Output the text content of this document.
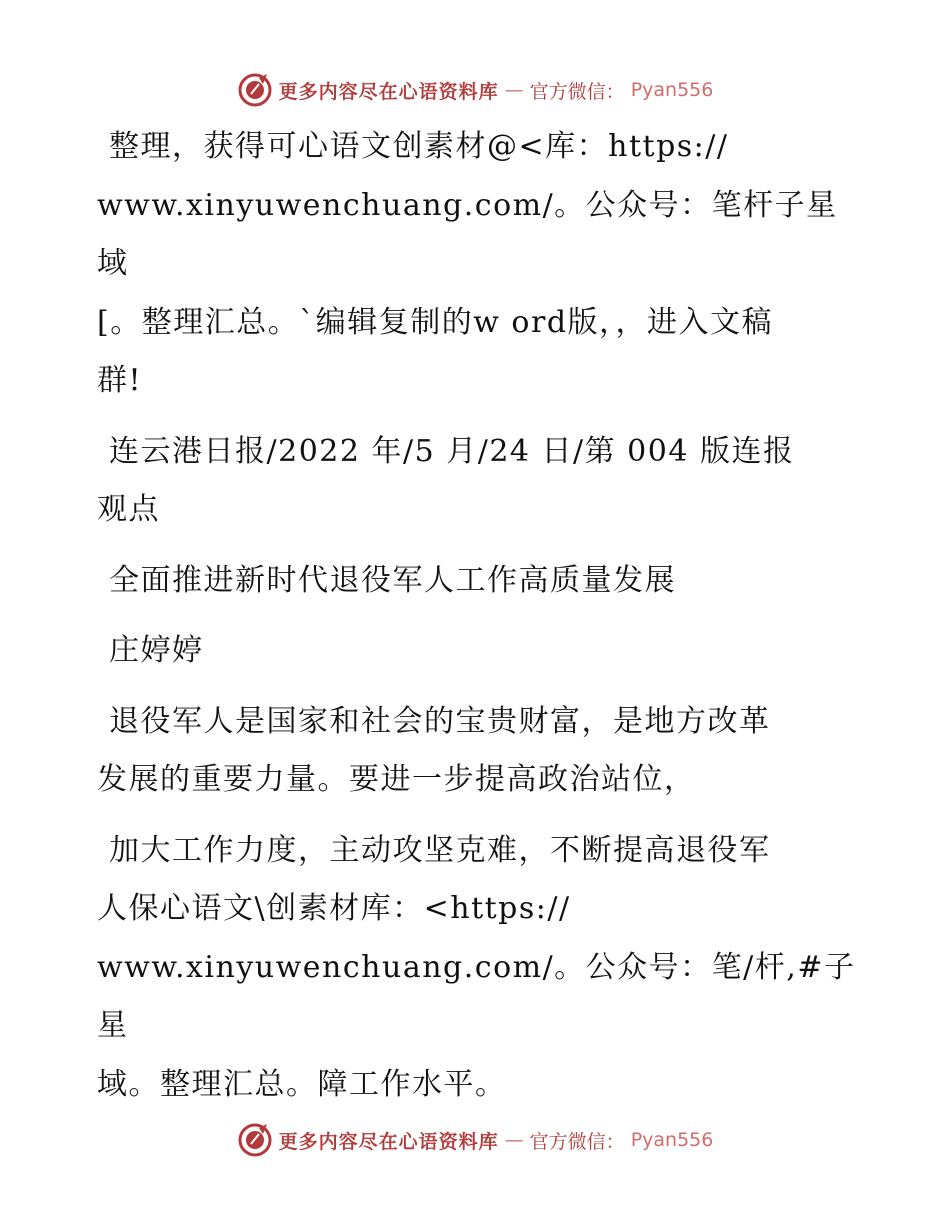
更多内容尽在心语资料库 — 官方微信： Pyan556
整理，获得可心语文创素材@<库：https://
www.xinyuwenchuang.com/。公众号：笔杆子星域
[。整理汇总。`编辑复制的w ord版，，进入文稿
群!
连云港日报/2022 年/5 月/24 日/第 004 版连报
观点
全面推进新时代退役军人工作高质量发展
庄婷婷
退役军人是国家和社会的宝贵财富，是地方改革
发展的重要力量。要进一步提高政治站位，
加大工作力度，主动攻坚克难，不断提高退役军
人保心语文\创素材库：<https://
www.xinyuwenchuang.com/。公众号：笔/杆,#子星
域。整理汇总。障工作水平。
更多内容尽在心语资料库 — 官方微信： Pyan556
